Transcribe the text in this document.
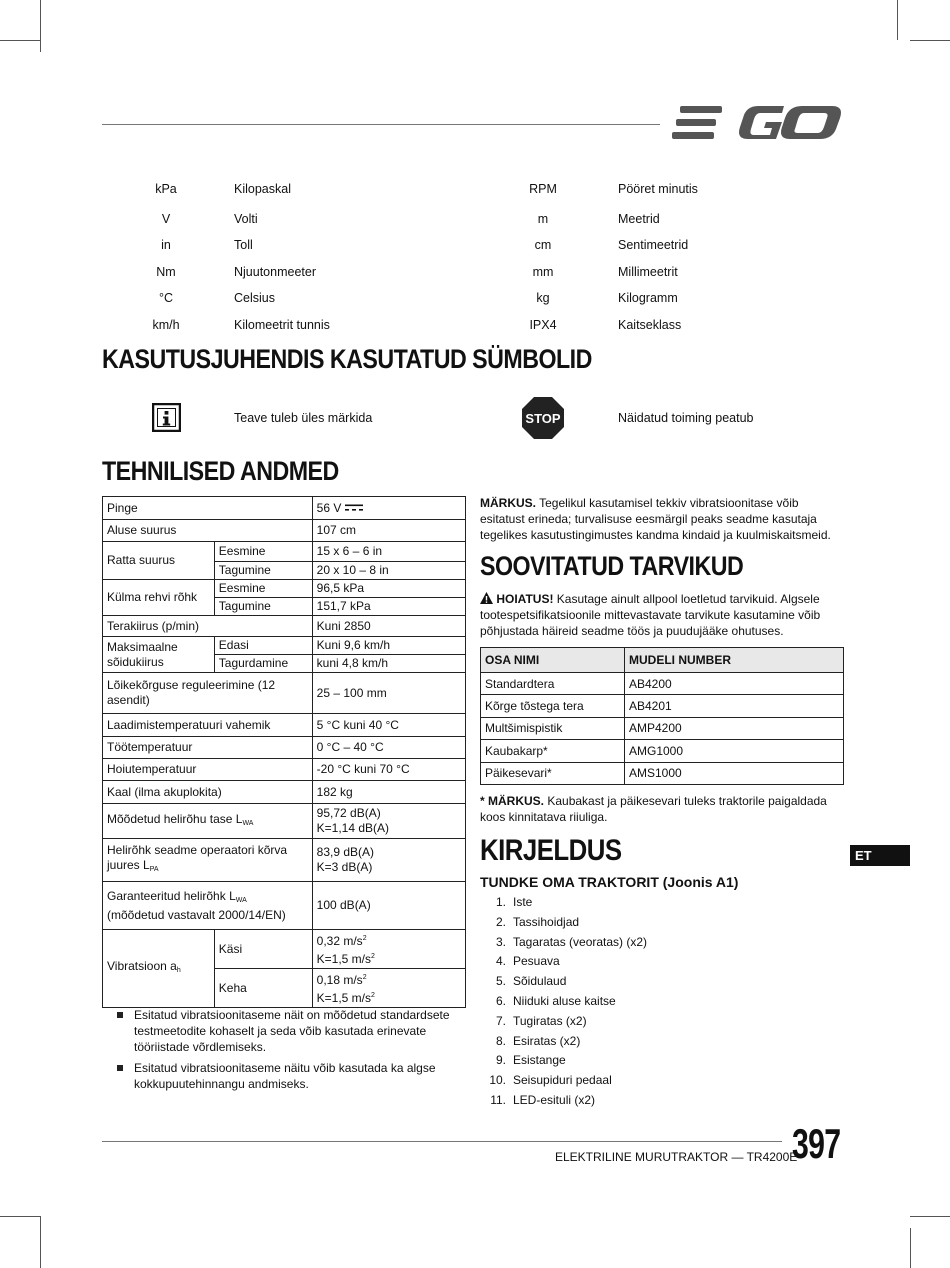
kPa	Kilopaskal	RPM	Pööret minutis
V	Volti	m	Meetrid
in	Toll	cm	Sentimeetrid
Nm	Njuutonmeeter	mm	Millimeetrit
°C	Celsius	kg	Kilogramm
km/h	Kilomeetrit tunnis	IPX4	Kaitseklass
KASUTUSJUHENDIS KASUTATUD SÜMBOLID
Teave tuleb üles märkida	STOP	Näidatud toiming peatub
TEHNILISED ANDMED
Pinge		56 V
Aluse suurus		107 cm
Ratta suurus	Eesmine	15 x 6 – 6 in
	Tagumine	20 x 10 – 8 in
Külma rehvi rõhk	Eesmine	96,5 kPa
	Tagumine	151,7 kPa
Terakiirus (p/min)		Kuni 2850
Maksimaalne sõidukiirus	Edasi	Kuni 9,6 km/h
	Tagurdamine	kuni 4,8 km/h
Lõikekõrguse reguleerimine (12 asendit)		25 – 100 mm
Laadimistemperatuuri vahemik		5 °C kuni 40 °C
Töötemperatuur		0 °C – 40 °C
Hoiutemperatuur		-20 °C kuni 70 °C
Kaal (ilma akuplokita)		182 kg
Mõõdetud helirõhu tase $L_{WA}$		95,72 dB(A)
K=1,14 dB(A)
Helirõhk seadme operaatori kõrva
juures $L_{PA}$		83,9 dB(A)
K=3 dB(A)
Garanteeritud helirõhk $L_{WA}$
(mõõdetud vastavalt 2000/14/EN)		100 dB(A)
Vibratsioon $a_h$	Käsi	0,32 $m/s^2$
K=1,5 $m/s^2$
	Keha	0,18 $m/s^2$
K=1,5 $m/s^2$
Esitatud vibratsioonitaseme näit on mõõdetud standardsete testmeetodite kohaselt ja seda võib kasutada erinevate tööriistade võrdlemiseks.
Esitatud vibratsioonitaseme näitu võib kasutada ka algse kokkupuutehinnangu andmiseks.
MÄRKUS. Tegelikul kasutamisel tekkiv vibratsioonitase võib esitatust erineda; turvalisuse eesmärgil peaks seadme kasutaja tegelikes kasutustingimustes kandma kindaid ja kuulmiskaitsmeid.
SOOVITATUD TARVIKUD
HOIATUS! Kasutage ainult allpool loetletud tarvikuid. Algsele tootespetsifikatsioonile mittevastavate tarvikute kasutamine võib põhjustada häireid seadme töös ja puudujääke ohutuses.
OSA NIMI	MUDELI NUMBER
Standardtera	AB4200
Kõrge tõstega tera	AB4201
Multšimispistik	AMP4200
Kaubakarp*	AMG1000
Päikesevari*	AMS1000
* MÄRKUS. Kaubakast ja päikesevari tuleks traktorile paigaldada koos kinnitatava riiuliga.
KIRJELDUS
TUNDKE OMA TRAKTORIT (Joonis A1)
1. Iste
2. Tassihoidjad
3. Tagaratas (veoratas) (x2)
4. Pesuava
5. Sõidulaud
6. Niiduki aluse kaitse
7. Tugiratas (x2)
8. Esiratas (x2)
9. Esistange
10. Seisupiduri pedaal
11. LED-esituli (x2)
ET
ELEKTRILINE MURUTRAKTOR — TR4200E
397
